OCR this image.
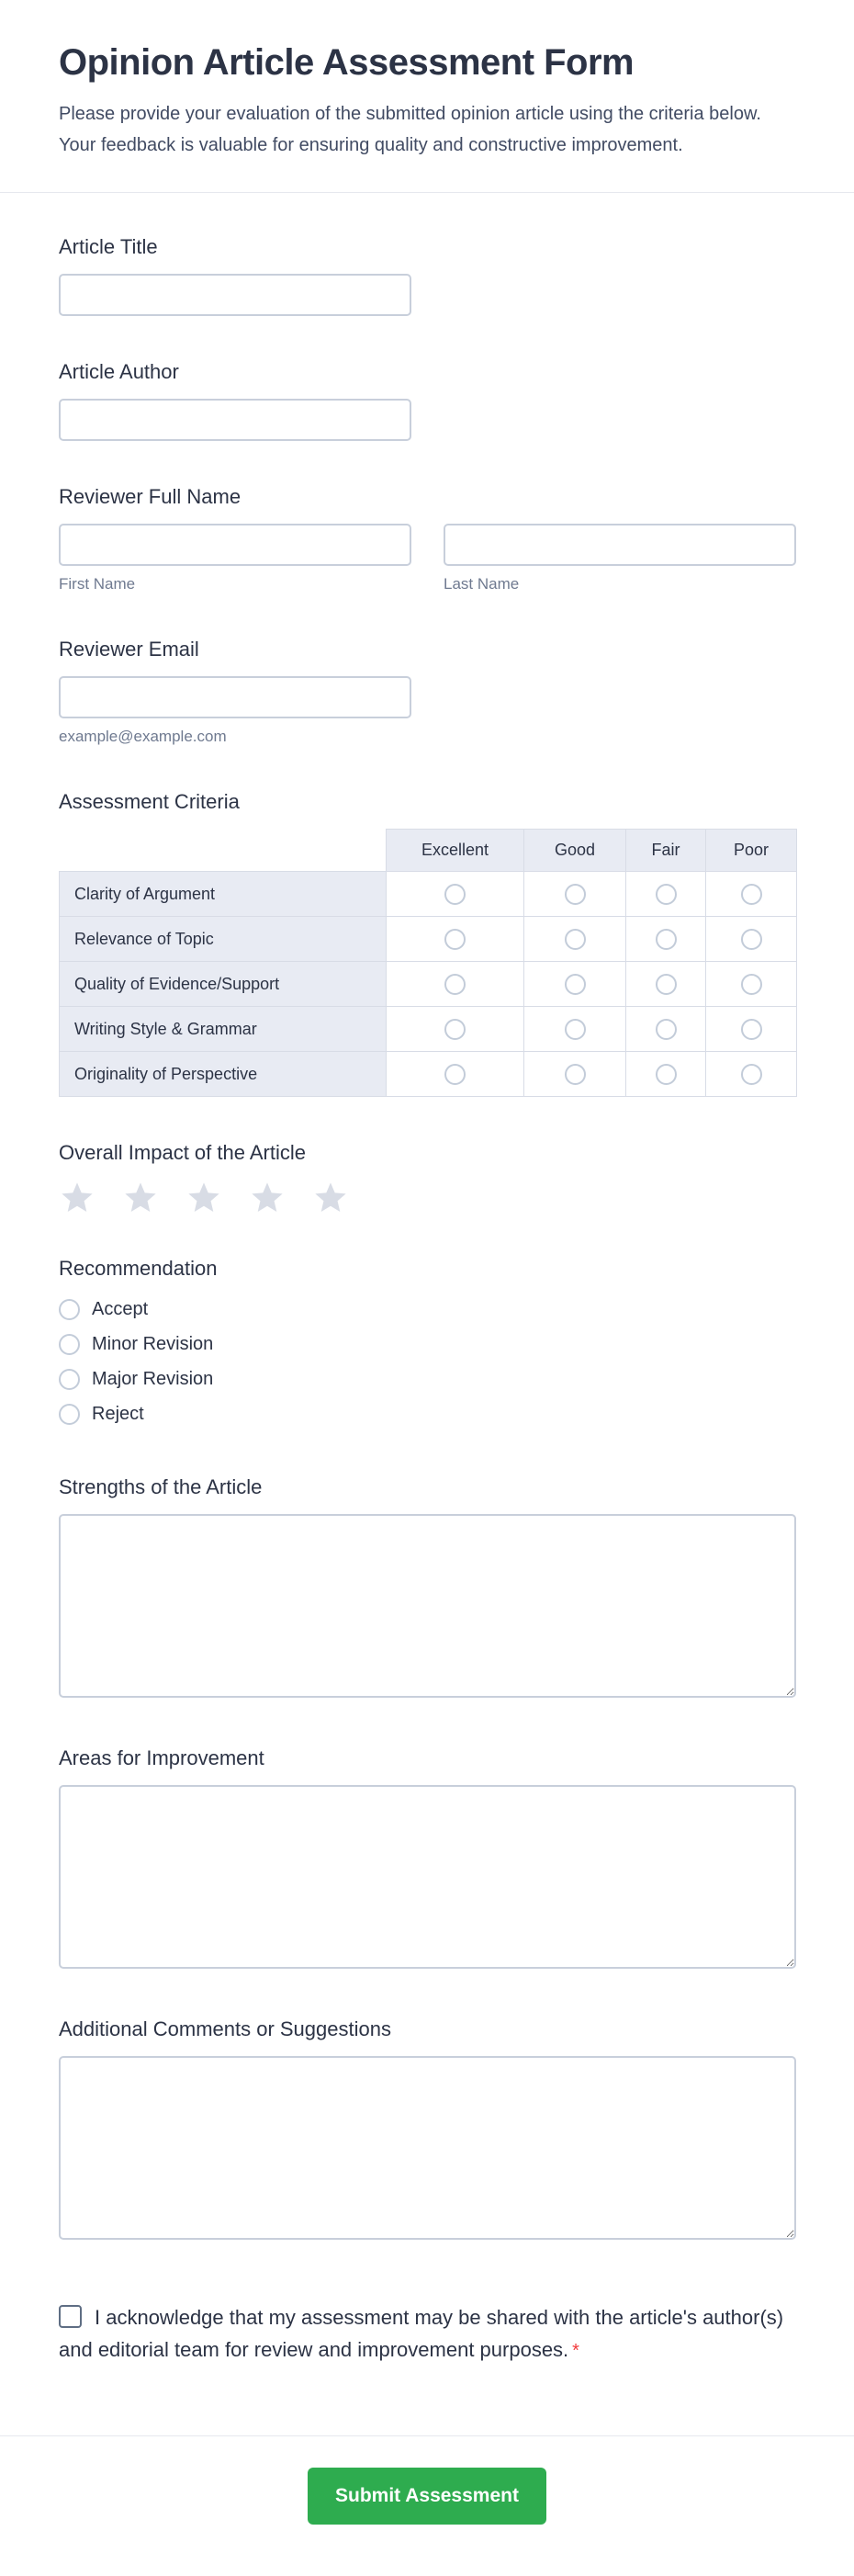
Opinion Article Assessment Form

Please provide your evaluation of the submitted opinion article using the criteria below. Your feedback is valuable for ensuring quality and constructive improvement.

Article Title
Article Author
Reviewer Full Name
First Name	Last Name
Reviewer Email
example@example.com
Assessment Criteria
	Excellent	Good	Fair	Poor
Clarity of Argument				
Relevance of Topic				
Quality of Evidence/Support				
Writing Style & Grammar				
Originality of Perspective				
Overall Impact of the Article
Recommendation
Accept
Minor Revision
Major Revision
Reject
Strengths of the Article
Areas for Improvement
Additional Comments or Suggestions
I acknowledge that my assessment may be shared with the article's author(s) and editorial team for review and improvement purposes. *
Submit Assessment
